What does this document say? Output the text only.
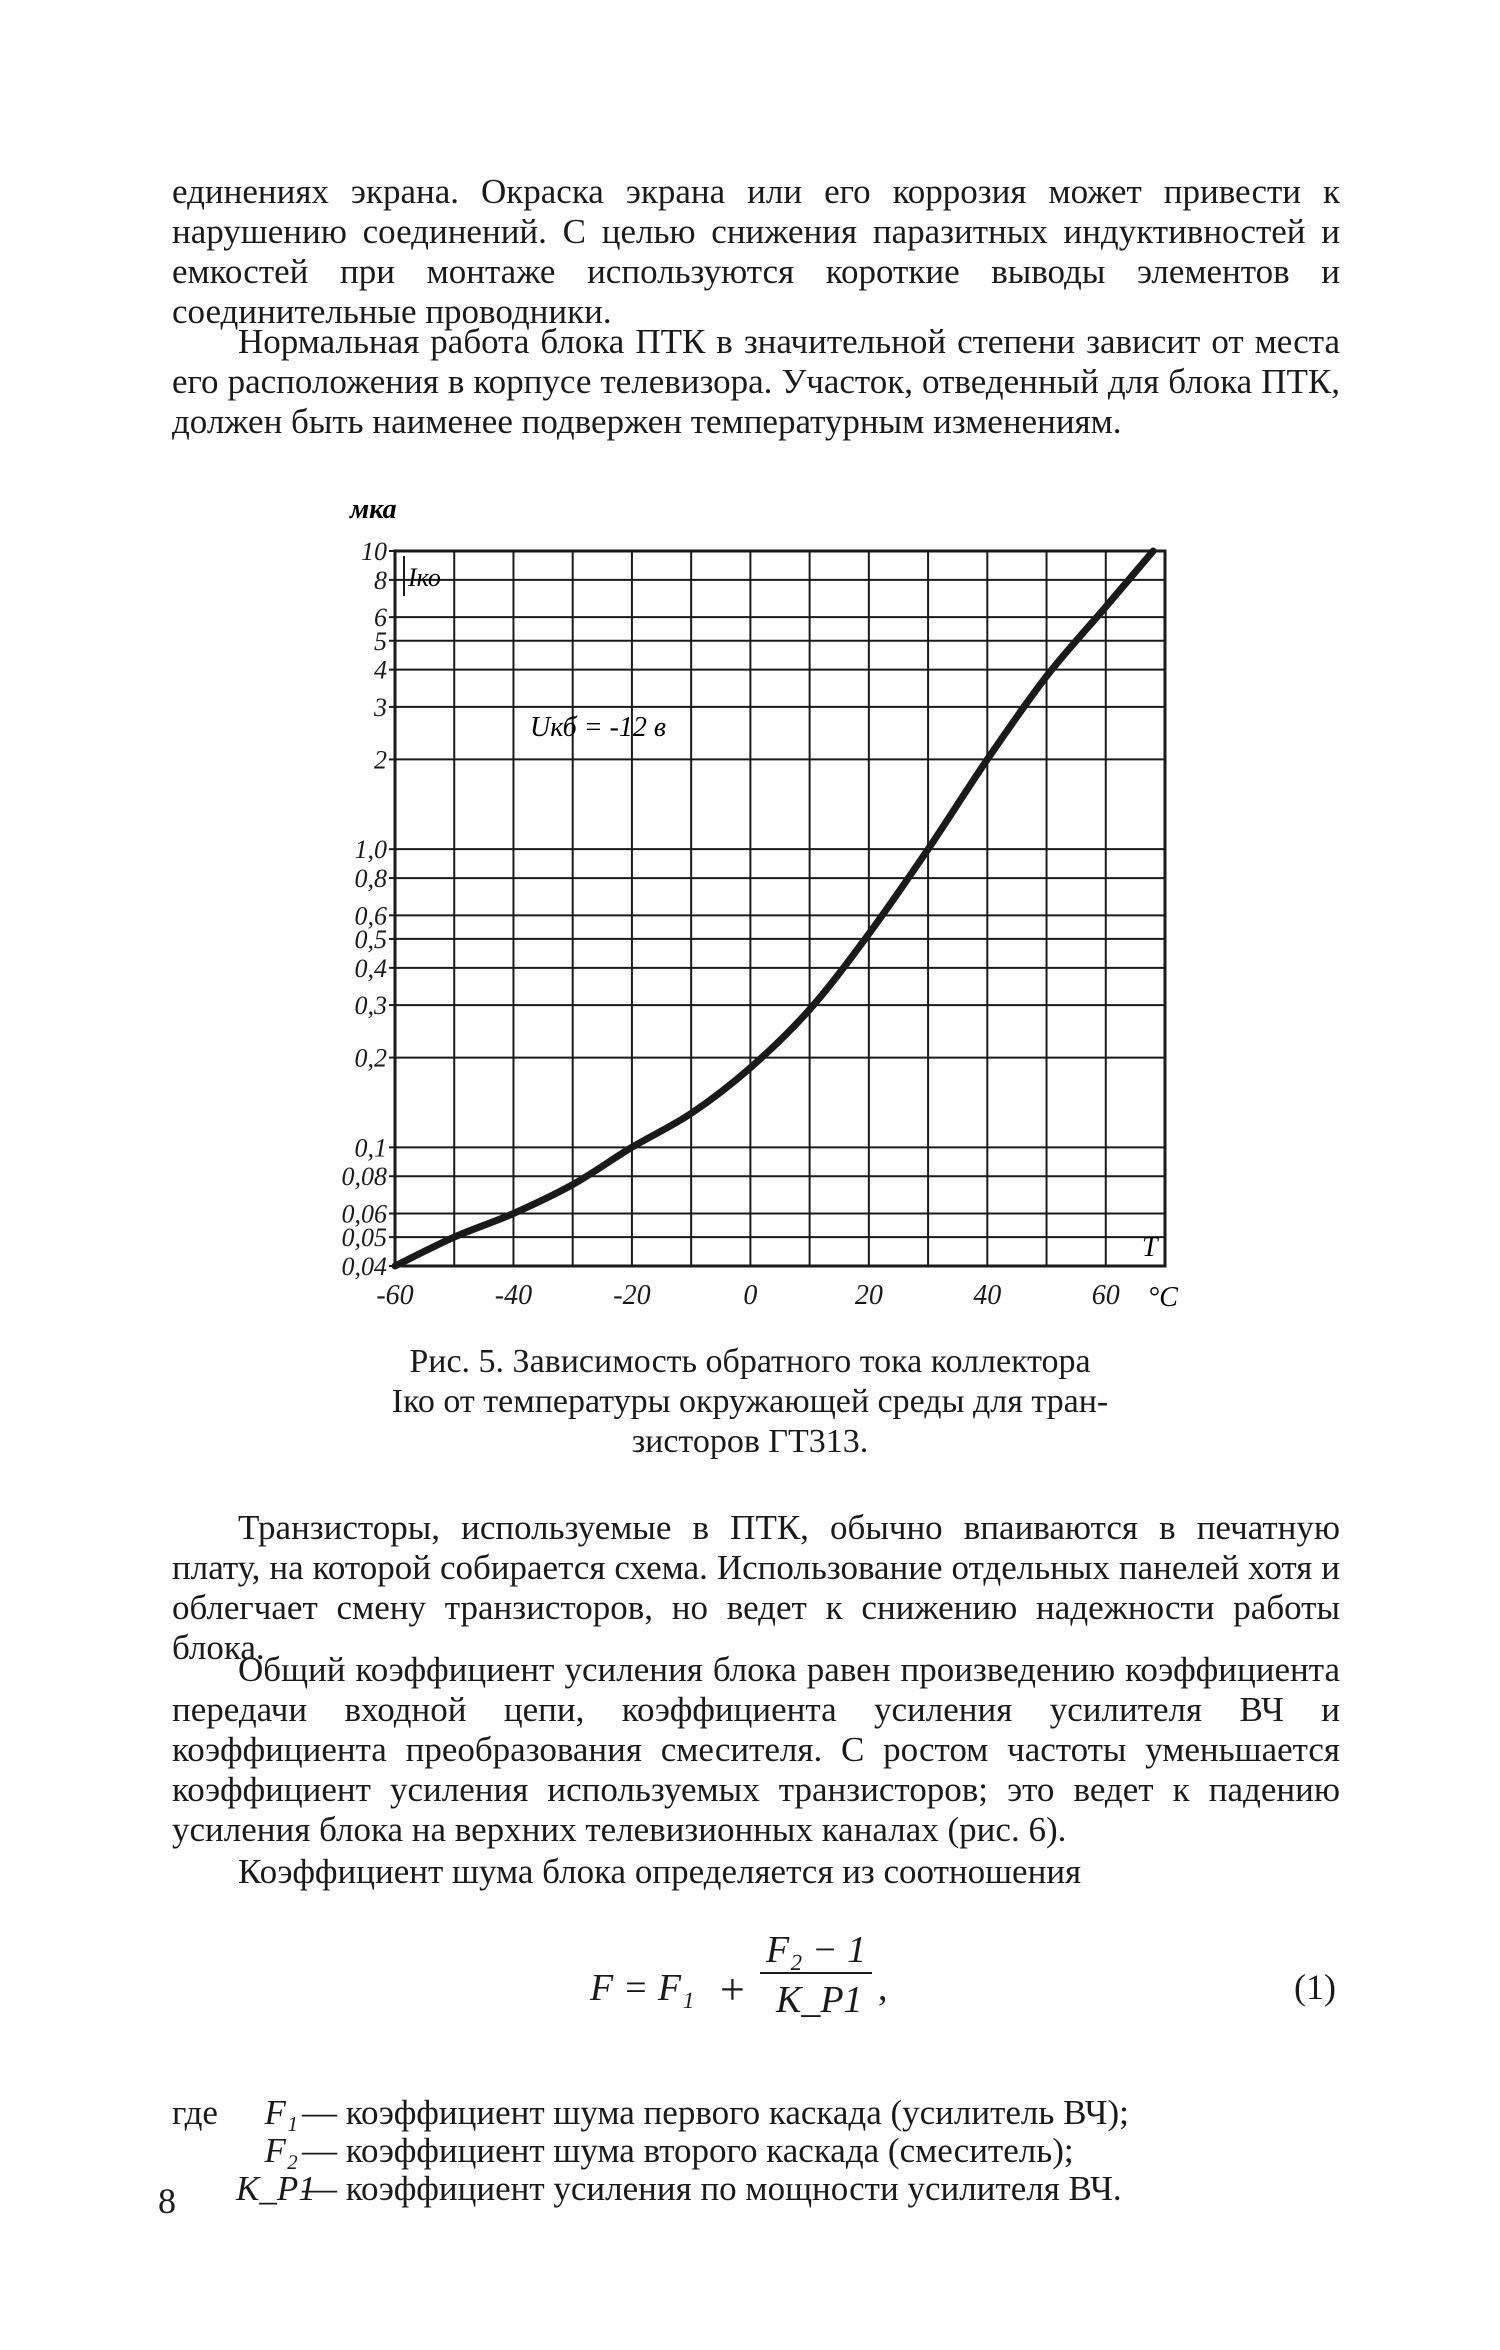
единениях экрана. Окраска экрана или его коррозия может привести к нарушению соединений. С целью снижения паразитных индуктивностей и емкостей при монтаже используются короткие выводы элементов и соединительные проводники.

Нормальная работа блока ПТК в значительной степени зависит от места его расположения в корпусе телевизора. Участок, отведенный для блока ПТК, должен быть наименее подвержен температурным изменениям.

0,04
0,05
0,06
0,08
0,1
0,2
0,3
0,4
0,5
0,6
0,8
1,0
2
3
4
5
6
8
10
-60	-40	-20	0	20	40	60
мка
°C
T
Iко
Uкб = -12 в
Рис. 5. Зависимость обратного тока коллектора
Iко от температуры окружающей среды для тран-
зисторов ГТ313.

Транзисторы, используемые в ПТК, обычно впаиваются в печатную плату, на которой собирается схема. Использование отдельных панелей хотя и облегчает смену транзисторов, но ведет к снижению надежности работы блока.

Общий коэффициент усиления блока равен произведению коэффициента передачи входной цепи, коэффициента усиления усилителя ВЧ и коэффициента преобразования смесителя. С ростом частоты уменьшается коэффициент усиления используемых транзисторов; это ведет к падению усиления блока на верхних телевизионных каналах (рис. 6).

Коэффициент шума блока определяется из соотношения

F = F₁ +
F₂ − 1
K_P1 ,	(1)
где	F₁ — коэффициент шума первого каскада (усилитель ВЧ);
F₂ — коэффициент шума второго каскада (смеситель);
K_P1
— коэффициент усиления по мощности усилителя ВЧ.
8
